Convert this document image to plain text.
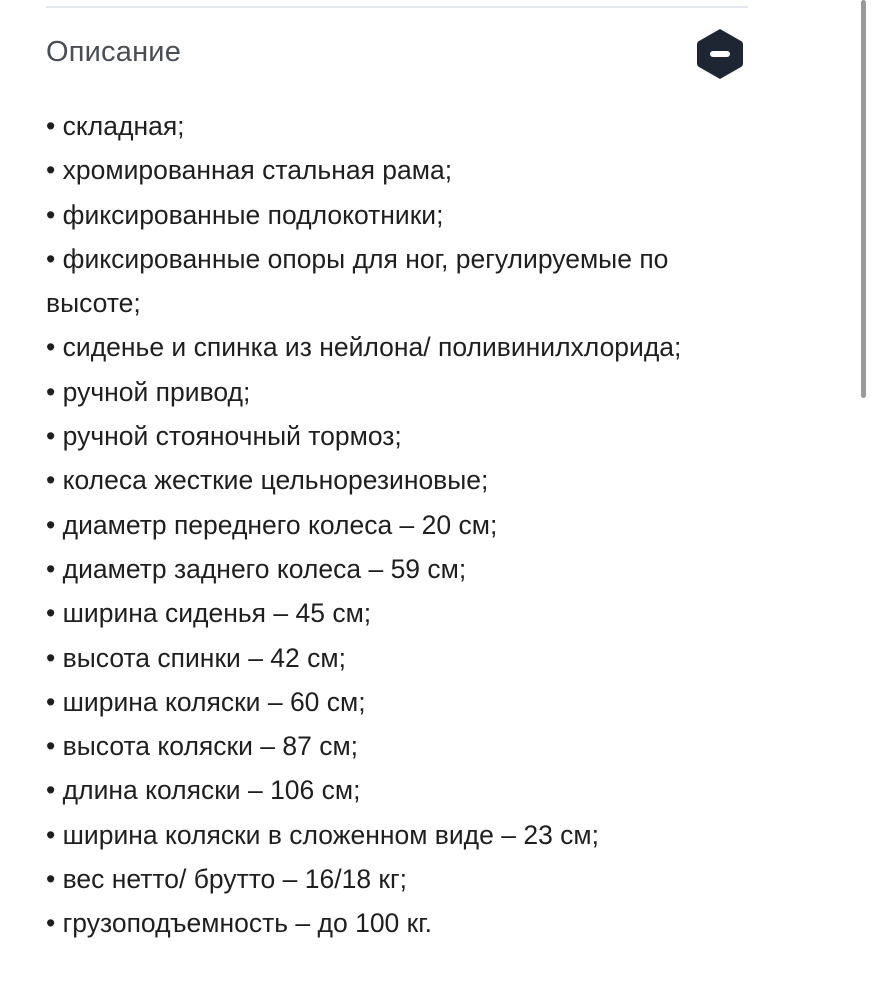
Описание
• складная;
• хромированная стальная рама;
• фиксированные подлокотники;
• фиксированные опоры для ног, регулируемые по высоте;
• сиденье и спинка из нейлона/ поливинилхлорида;
• ручной привод;
• ручной стояночный тормоз;
• колеса жесткие цельнорезиновые;
• диаметр переднего колеса – 20 см;
• диаметр заднего колеса – 59 см;
• ширина сиденья – 45 см;
• высота спинки – 42 см;
• ширина коляски – 60 см;
• высота коляски – 87 см;
• длина коляски – 106 см;
• ширина коляски в сложенном виде – 23 см;
• вес нетто/ брутто – 16/18 кг;
• грузоподъемность – до 100 кг.
